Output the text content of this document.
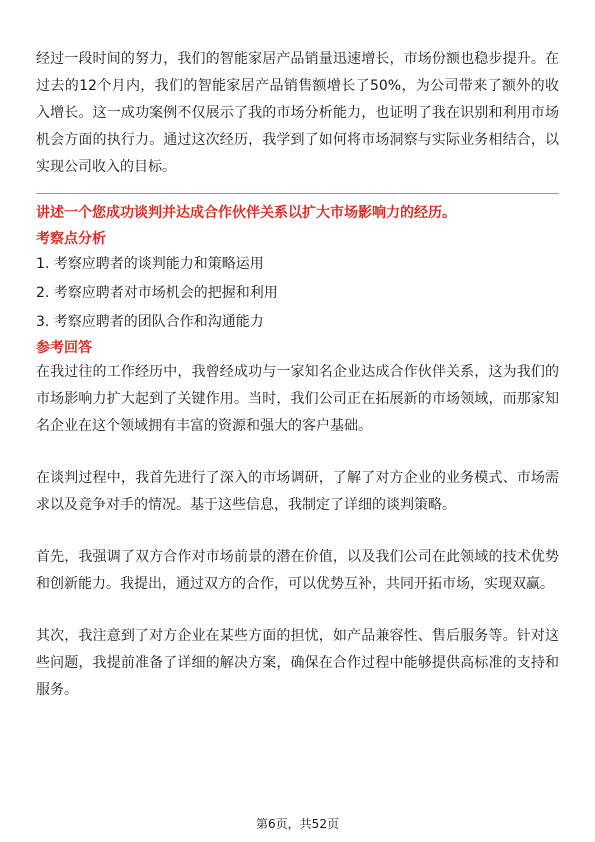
经过一段时间的努力，我们的智能家居产品销量迅速增长，市场份额也稳步提升。在过去的12个月内，我们的智能家居产品销售额增长了50%，为公司带来了额外的收入增长。这一成功案例不仅展示了我的市场分析能力，也证明了我在识别和利用市场机会方面的执行力。通过这次经历，我学到了如何将市场洞察与实际业务相结合，以实现公司收入的目标。

讲述一个您成功谈判并达成合作伙伴关系以扩大市场影响力的经历。

考察点分析

1. 考察应聘者的谈判能力和策略运用

2. 考察应聘者对市场机会的把握和利用

3. 考察应聘者的团队合作和沟通能力

参考回答

在我过往的工作经历中，我曾经成功与一家知名企业达成合作伙伴关系，这为我们的市场影响力扩大起到了关键作用。当时，我们公司正在拓展新的市场领域，而那家知名企业在这个领域拥有丰富的资源和强大的客户基础。

在谈判过程中，我首先进行了深入的市场调研，了解了对方企业的业务模式、市场需求以及竞争对手的情况。基于这些信息，我制定了详细的谈判策略。

首先，我强调了双方合作对市场前景的潜在价值，以及我们公司在此领域的技术优势和创新能力。我提出，通过双方的合作，可以优势互补，共同开拓市场，实现双赢。

其次，我注意到了对方企业在某些方面的担忧，如产品兼容性、售后服务等。针对这些问题，我提前准备了详细的解决方案，确保在合作过程中能够提供高标准的支持和服务。

第6页，共52页
